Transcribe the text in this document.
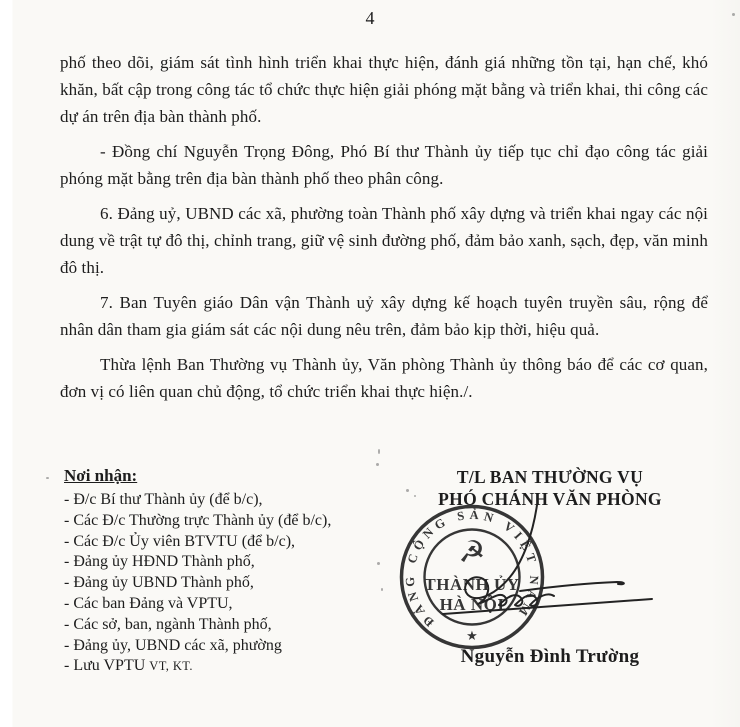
4

phố theo dõi, giám sát tình hình triển khai thực hiện, đánh giá những tồn tại, hạn chế, khó khăn, bất cập trong công tác tổ chức thực hiện giải phóng mặt bằng và triển khai, thi công các dự án trên địa bàn thành phố.

- Đồng chí Nguyễn Trọng Đông, Phó Bí thư Thành ủy tiếp tục chỉ đạo công tác giải phóng mặt bằng trên địa bàn thành phố theo phân công.

6. Đảng uỷ, UBND các xã, phường toàn Thành phố xây dựng và triển khai ngay các nội dung về trật tự đô thị, chỉnh trang, giữ vệ sinh đường phố, đảm bảo xanh, sạch, đẹp, văn minh đô thị.

7. Ban Tuyên giáo Dân vận Thành uỷ xây dựng kế hoạch tuyên truyền sâu, rộng để nhân dân tham gia giám sát các nội dung nêu trên, đảm bảo kịp thời, hiệu quả.

Thừa lệnh Ban Thường vụ Thành ủy, Văn phòng Thành ủy thông báo để các cơ quan, đơn vị có liên quan chủ động, tổ chức triển khai thực hiện./.

Nơi nhận:
- Đ/c Bí thư Thành ủy (để b/c),
- Các Đ/c Thường trực Thành ủy (để b/c),
- Các Đ/c Ủy viên BTVTU (để b/c),
- Đảng ủy HĐND Thành phố,
- Đảng ủy UBND Thành phố,
- Các ban Đảng và VPTU,
- Các sở, ban, ngành Thành phố,
- Đảng ủy, UBND các xã, phường
- Lưu VPTU VT, KT.
T/L BAN THƯỜNG VỤ
PHÓ CHÁNH VĂN PHÒNG
ĐẢNG CỘNG SẢN VIỆT NAM
☭
THÀNH ỦY
HÀ NỘI
★
Nguyễn Đình Trường
